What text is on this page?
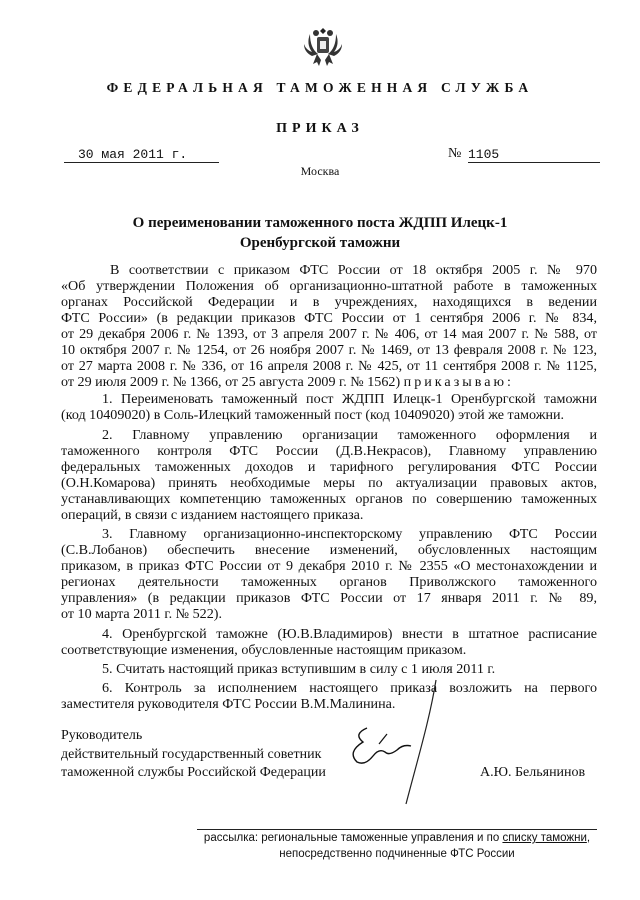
ФЕДЕРАЛЬНАЯ ТАМОЖЕННАЯ СЛУЖБА
ПРИКАЗ
30 мая 2011 г.	№ 1105
Москва
О переименовании таможенного поста ЖДПП Илецк-1
Оренбургской таможни
В соответствии с приказом ФТС России от 18 октября 2005 г. № 970
«Об утверждении Положения об организационно-штатной работе в таможенных
органах Российской Федерации и в учреждениях, находящихся в ведении
ФТС России» (в редакции приказов ФТС России от 1 сентября 2006 г. № 834,
от 29 декабря 2006 г. № 1393, от 3 апреля 2007 г. № 406, от 14 мая 2007 г. № 588, от
10 октября 2007 г. № 1254, от 26 ноября 2007 г. № 1469, от 13 февраля 2008 г. № 123,
от 27 марта 2008 г. № 336, от 16 апреля 2008 г. № 425, от 11 сентября 2008 г. № 1125,
от 29 июля 2009 г. № 1366, от 25 августа 2009 г. № 1562) приказываю:
1. Переименовать таможенный пост ЖДПП Илецк-1 Оренбургской таможни
(код 10409020) в Соль-Илецкий таможенный пост (код 10409020) этой же таможни.
2. Главному управлению организации таможенного оформления и
таможенного контроля ФТС России (Д.В.Некрасов), Главному управлению
федеральных таможенных доходов и тарифного регулирования ФТС России
(О.Н.Комарова) принять необходимые меры по актуализации правовых актов,
устанавливающих компетенцию таможенных органов по совершению таможенных
операций, в связи с изданием настоящего приказа.
3. Главному организационно-инспекторскому управлению ФТС России
(С.В.Лобанов) обеспечить внесение изменений, обусловленных настоящим
приказом, в приказ ФТС России от 9 декабря 2010 г. № 2355 «О местонахождении и
регионах деятельности таможенных органов Приволжского таможенного
управления» (в редакции приказов ФТС России от 17 января 2011 г. № 89,
от 10 марта 2011 г. № 522).
4. Оренбургской таможне (Ю.В.Владимиров) внести в штатное расписание
соответствующие изменения, обусловленные настоящим приказом.
5. Считать настоящий приказ вступившим в силу с 1 июля 2011 г.
6. Контроль за исполнением настоящего приказа возложить на первого
заместителя руководителя ФТС России В.М.Малинина.
Руководитель
действительный государственный советник
таможенной службы Российской Федерации	А.Ю. Бельянинов
рассылка: региональные таможенные управления и по списку таможни,
непосредственно подчиненные ФТС России
